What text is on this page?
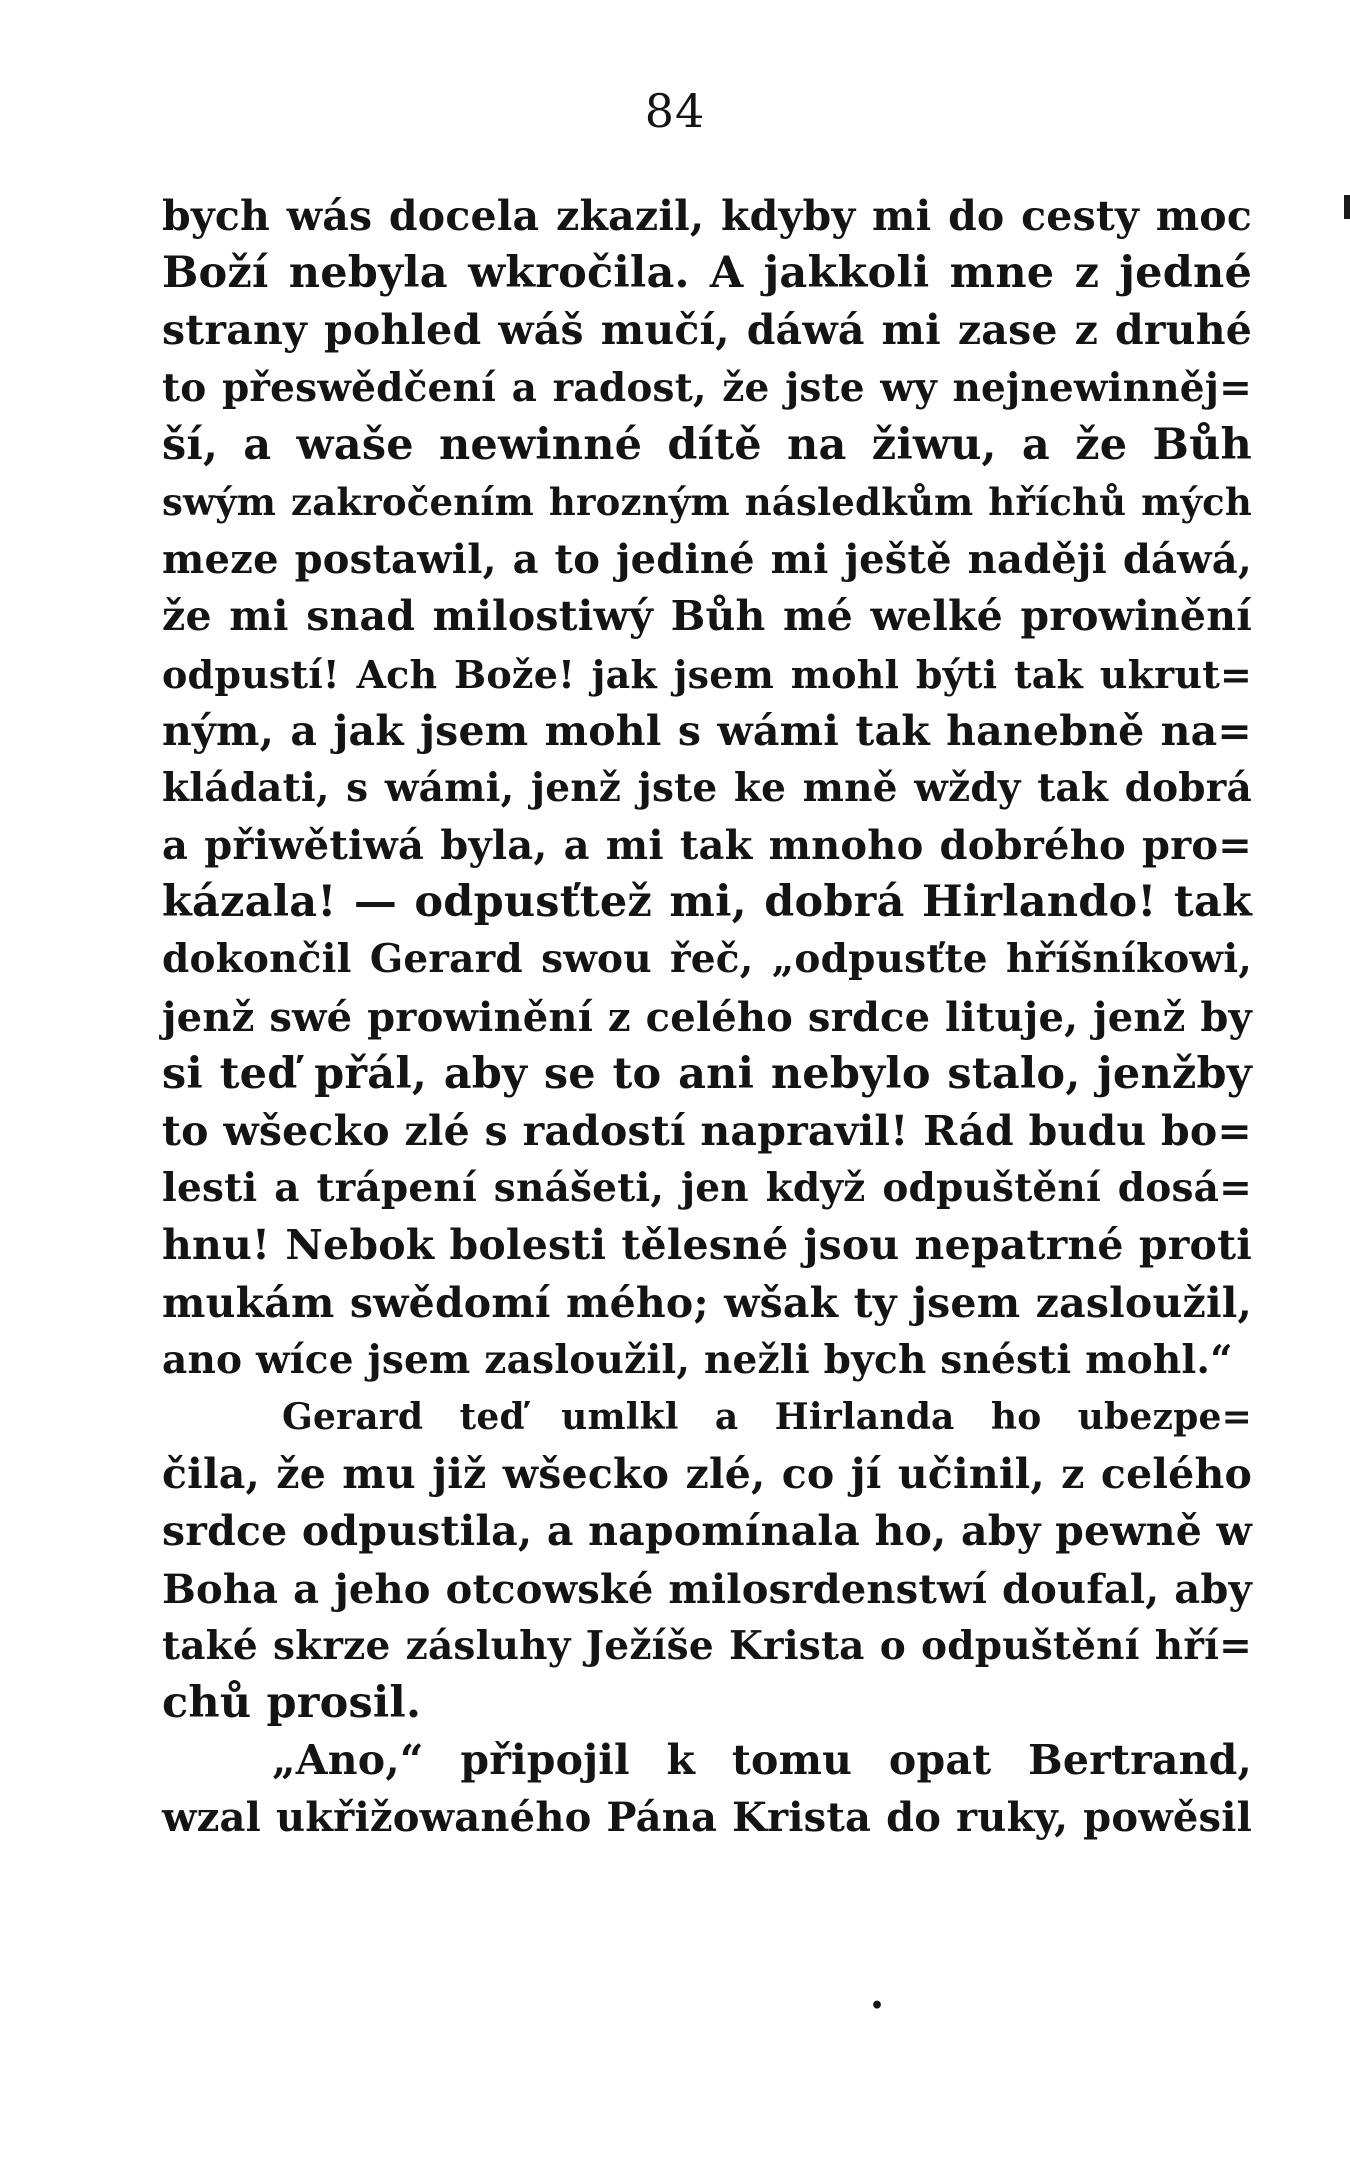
84
bych wás docela zkazil, kdyby mi do cesty moc
Boží nebyla wkročila. A jakkoli mne z jedné
strany pohled wáš mučí, dáwá mi zase z druhé
to přeswědčení a radost, že jste wy nejnewinněj=
ší, a waše newinné dítě na žiwu, a že Bůh
swým zakročením hrozným následkům hříchů mých
meze postawil, a to jediné mi ještě naději dáwá,
že mi snad milostiwý Bůh mé welké prowinění
odpustí! Ach Bože! jak jsem mohl býti tak ukrut=
ným, a jak jsem mohl s wámi tak hanebně na=
kládati, s wámi, jenž jste ke mně wždy tak dobrá
a přiwětiwá byla, a mi tak mnoho dobrého pro=
kázala! — odpusťtež mi, dobrá Hirlando! tak
dokončil Gerard swou řeč, „odpusťte hříšníkowi,
jenž swé prowinění z celého srdce lituje, jenž by
si teď přál, aby se to ani nebylo stalo, jenžby
to wšecko zlé s radostí napravil! Rád budu bo=
lesti a trápení snášeti, jen když odpuštění dosá=
hnu! Nebok bolesti tělesné jsou nepatrné proti
mukám swědomí mého; wšak ty jsem zasloužil,
ano wíce jsem zasloužil, nežli bych snésti mohl.“
Gerard teď umlkl a Hirlanda ho ubezpe=
čila, že mu již wšecko zlé, co jí učinil, z celého
srdce odpustila, a napomínala ho, aby pewně w
Boha a jeho otcowské milosrdenstwí doufal, aby
také skrze zásluhy Ježíše Krista o odpuštění hří=
chů prosil.
„Ano,“ připojil k tomu opat Bertrand,
wzal ukřižowaného Pána Krista do ruky, powěsil
•
